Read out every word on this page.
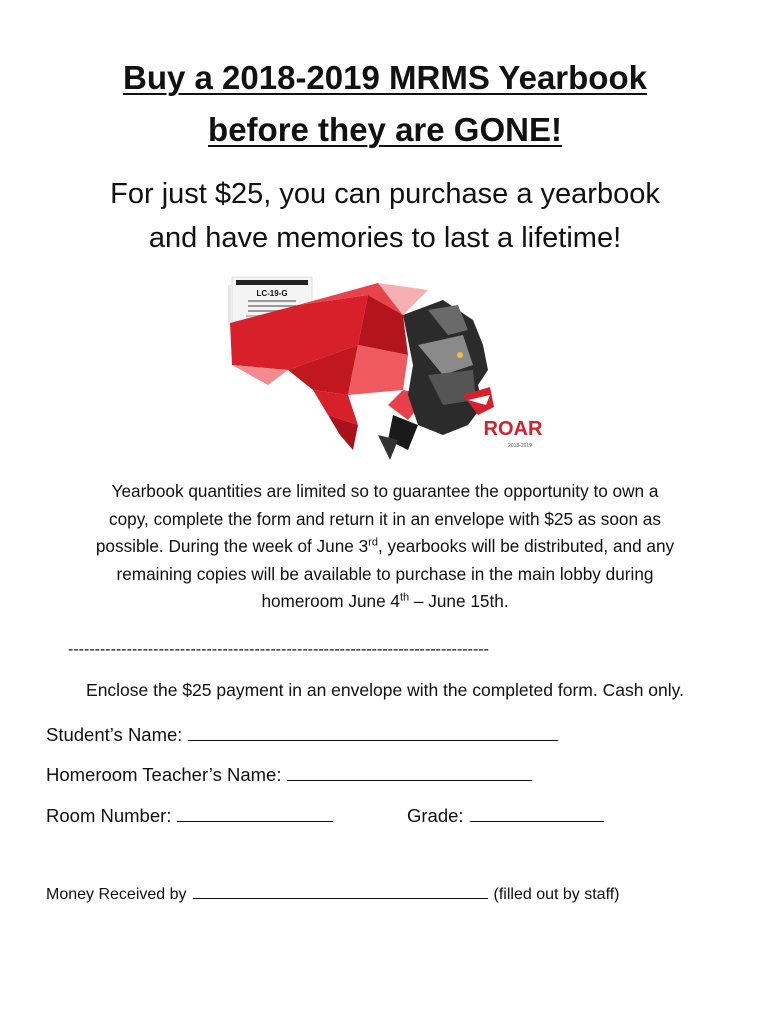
Buy a 2018-2019 MRMS Yearbook
before they are GONE!
For just $25, you can purchase a yearbook
and have memories to last a lifetime!
LC-19-G
ROAR
2018-2019
Yearbook quantities are limited so to guarantee the opportunity to own a
copy, complete the form and return it in an envelope with $25 as soon as
possible. During the week of June 3rd, yearbooks will be distributed, and any
remaining copies will be available to purchase in the main lobby during
homeroom June 4th – June 15th.
-------------------------------------------------------------------------------
Enclose the $25 payment in an envelope with the completed form. Cash only.
Student’s Name:
Homeroom Teacher’s Name:
Room Number:	Grade:
Money Received by	(filled out by staff)
